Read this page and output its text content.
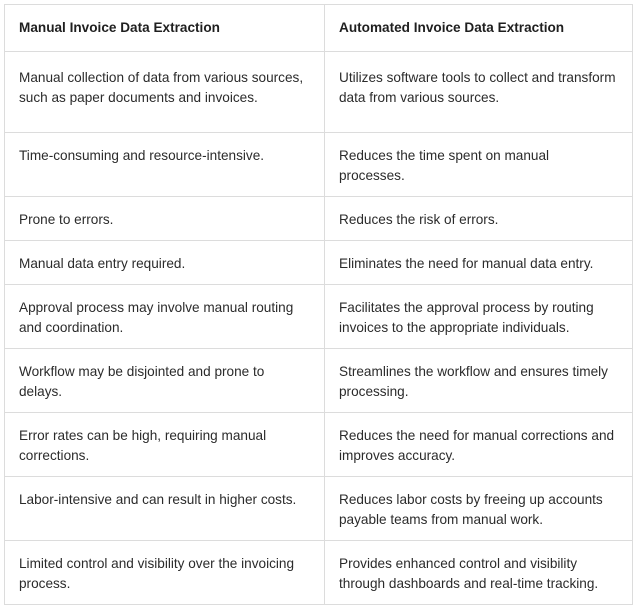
Manual Invoice Data Extraction	Automated Invoice Data Extraction

Manual collection of data from various sources, such as paper documents and invoices.	Utilizes software tools to collect and transform data from various sources.

Time-consuming and resource-intensive.	Reduces the time spent on manual processes.

Prone to errors.	Reduces the risk of errors.

Manual data entry required.	Eliminates the need for manual data entry.

Approval process may involve manual routing and coordination.	Facilitates the approval process by routing invoices to the appropriate individuals.

Workflow may be disjointed and prone to delays.	Streamlines the workflow and ensures timely processing.

Error rates can be high, requiring manual corrections.	Reduces the need for manual corrections and improves accuracy.

Labor-intensive and can result in higher costs.	Reduces labor costs by freeing up accounts payable teams from manual work.

Limited control and visibility over the invoicing process.	Provides enhanced control and visibility through dashboards and real-time tracking.
